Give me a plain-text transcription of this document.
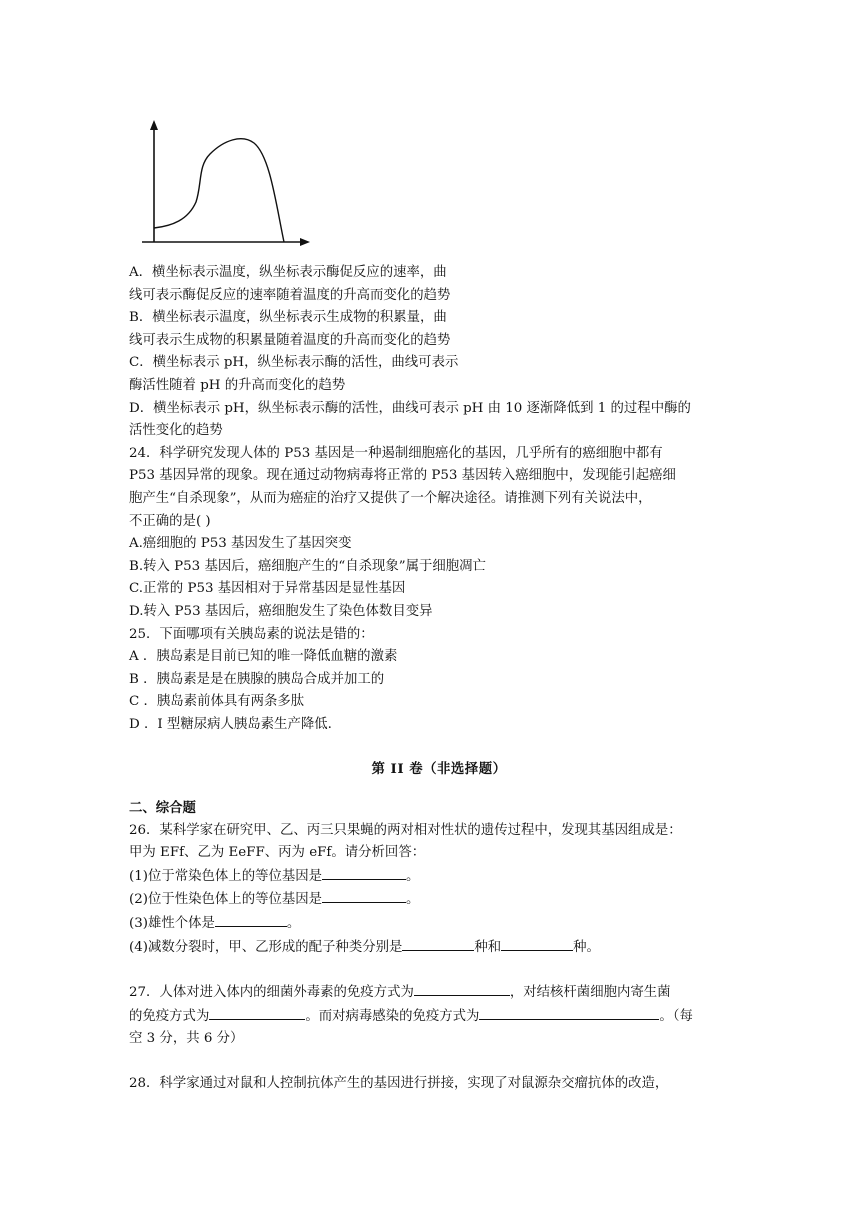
A．横坐标表示温度，纵坐标表示酶促反应的速率，曲
线可表示酶促反应的速率随着温度的升高而变化的趋势
B．横坐标表示温度，纵坐标表示生成物的积累量，曲
线可表示生成物的积累量随着温度的升高而变化的趋势
C．横坐标表示 pH，纵坐标表示酶的活性，曲线可表示
酶活性随着 pH 的升高而变化的趋势
D．横坐标表示 pH，纵坐标表示酶的活性，曲线可表示 pH 由 10 逐渐降低到 1 的过程中酶的
活性变化的趋势
24．科学研究发现人体的 P53 基因是一种遏制细胞癌化的基因，几乎所有的癌细胞中都有
P53 基因异常的现象。现在通过动物病毒将正常的 P53 基因转入癌细胞中，发现能引起癌细
胞产生“自杀现象”，从而为癌症的治疗又提供了一个解决途径。请推测下列有关说法中，
不正确的是( )
A.癌细胞的 P53 基因发生了基因突变
B.转入 P53 基因后，癌细胞产生的“自杀现象”属于细胞凋亡
C.正常的 P53 基因相对于异常基因是显性基因
D.转入 P53 基因后，癌细胞发生了染色体数目变异
25．下面哪项有关胰岛素的说法是错的：
A ．胰岛素是目前已知的唯一降低血糖的激素
B ．胰岛素是是在胰腺的胰岛合成并加工的
C ．胰岛素前体具有两条多肽
D ．I 型糖尿病人胰岛素生产降低.
第 II 卷（非选择题）
二、综合题
26．某科学家在研究甲、乙、丙三只果蝇的两对相对性状的遗传过程中，发现其基因组成是：
甲为 EFf、乙为 EeFF、丙为 eFf。请分析回答：
(1)位于常染色体上的等位基因是	。
(2)位于性染色体上的等位基因是	。
(3)雄性个体是	。
(4)减数分裂时，甲、乙形成的配子种类分别是	种和	种。
27．人体对进入体内的细菌外毒素的免疫方式为	，对结核杆菌细胞内寄生菌
的免疫方式为	。而对病毒感染的免疫方式为	。（每
空 3 分，共 6 分）
28．科学家通过对鼠和人控制抗体产生的基因进行拼接，实现了对鼠源杂交瘤抗体的改造，
